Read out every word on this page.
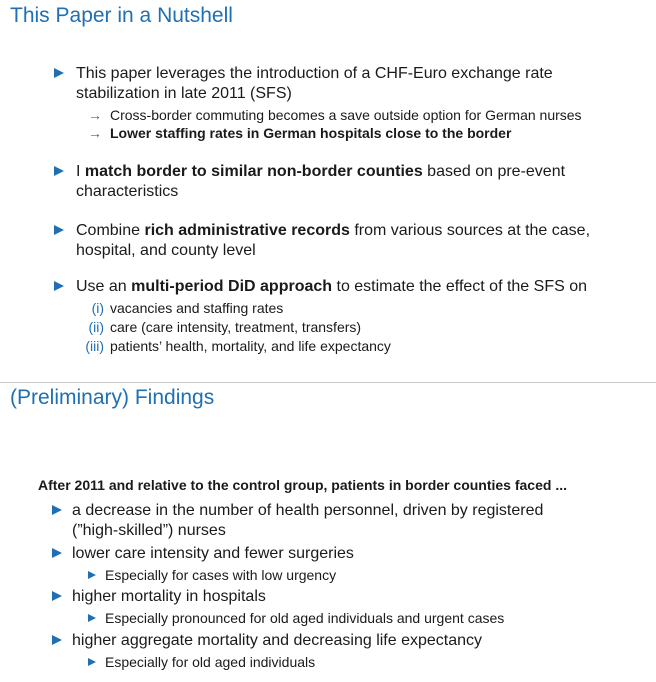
This Paper in a Nutshell
This paper leverages the introduction of a CHF-Euro exchange rate
stabilization in late 2011 (SFS)
→ Cross-border commuting becomes a save outside option for German nurses
→ Lower staffing rates in German hospitals close to the border
I match border to similar non-border counties based on pre-event
characteristics
Combine rich administrative records from various sources at the case,
hospital, and county level
Use an multi-period DiD approach to estimate the effect of the SFS on
(i) vacancies and staffing rates
(ii) care (care intensity, treatment, transfers)
(iii) patients’ health, mortality, and life expectancy
(Preliminary) Findings
After 2011 and relative to the control group, patients in border counties faced ...
a decrease in the number of health personnel, driven by registered
(”high-skilled”) nurses
lower care intensity and fewer surgeries
Especially for cases with low urgency
higher mortality in hospitals
Especially pronounced for old aged individuals and urgent cases
higher aggregate mortality and decreasing life expectancy
Especially for old aged individuals
